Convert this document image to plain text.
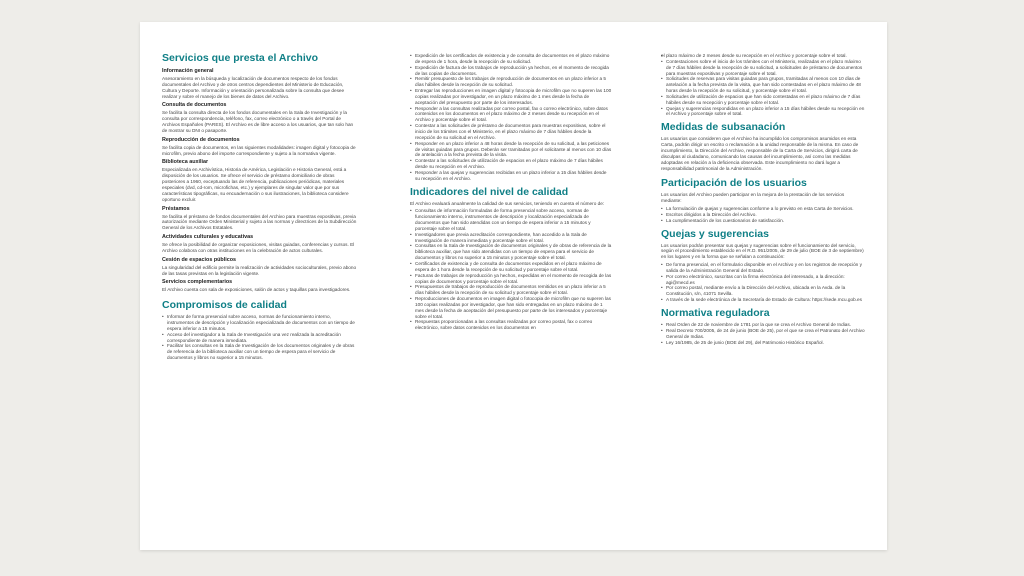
Servicios que presta el Archivo
Información general
Asesoramiento en la búsqueda y localización de documentos respecto de los fondos documentales del Archivo y de otros centros dependientes del Ministerio de Educación, Cultura y Deporte. Información y orientación personalizada sobre la consulta que desee realizar y sobre el manejo de los bienes de datos del Archivo.
Consulta de documentos
Se facilita la consulta directa de los fondos documentales en la Sala de Investigación y la consulta por correspondencia, teléfono, fax, correo electrónico o a través del Portal de Archivos Españoles (PARES). El Archivo es de libre acceso a los usuarios, que tan solo han de mostrar su DNI o pasaporte.
Reproducción de documentos
Se facilita copia de documentos, en las siguientes modalidades: imagen digital y fotocopia de microfilm, previo abono del importe correspondiente y sujeto a la normativa vigente.
Biblioteca auxiliar
Especializada en Archivística, Historia de América, Legislación e Historia General, está a disposición de los usuarios. Se ofrece el servicio de préstamo domiciliario de obras posteriores a 1960, exceptuando las de referencia, publicaciones periódicas, materiales especiales (dvd, cd-rom, microfichas, etc.) y ejemplares de singular valor que por sus características tipográficas, su encuadernación o sus ilustraciones, la biblioteca considere oportuno excluir.
Préstamos
Se facilita el préstamo de fondos documentales del Archivo para muestras expositivas, previa autorización mediante Orden Ministerial y sujeto a las normas y directrices de la Subdirección General de los Archivos Estatales.
Actividades culturales y educativas
Se ofrece la posibilidad de organizar exposiciones, visitas guiadas, conferencias y cursos. El Archivo colabora con otras instituciones en la celebración de actos culturales.
Cesión de espacios públicos
La singularidad del edificio permite la realización de actividades socioculturales, previo abono de las tasas previstas en la legislación vigente.
Servicios complementarios
El Archivo cuenta con sala de exposiciones, salón de actos y taquillas para investigadores.
Compromisos de calidad
• Informar de forma presencial sobre acceso, normas de funcionamiento interno, instrumentos de descripción y localización especializada de documentos con un tiempo de espera inferior a 15 minutos.
• Acceso del investigador a la Sala de Investigación una vez realizada la acreditación correspondiente de manera inmediata.
• Facilitar los consultas en la Sala de Investigación de los documentos originales y de obras de referencia de la biblioteca auxiliar con un tiempo de espera para el servicio de documentos y libros no superior a 15 minutos.
• Expedición de los certificados de existencia y de consulta de documentos en el plazo máximo de espera de 1 hora, desde la recepción de su solicitud.
• Expedición de factura de los trabajos de reproducción ya hechos, en el momento de recogida de las copias de documentos.
• Remitir presupuesto de los trabajos de reproducción de documentos en un plazo inferior a 5 días hábiles desde la recepción de su solicitud.
• Entregar las reproducciones en imagen digital y fotocopia de microfilm que no superen las 100 copias realizadas por investigador, en un plazo máximo de 1 mes desde la fecha de aceptación del presupuesto por parte de los interesados.
• Responder a las consultas realizadas por correo postal, fax o correo electrónico, sobre datos contenidos en los documentos en el plazo máximo de 2 meses desde su recepción en el Archivo y porcentaje sobre el total.
• Contestar a las solicitudes de préstamo de documentos para muestras expositivas, sobre el inicio de los trámites con el Ministerio, en el plazo máximo de 7 días hábiles desde la recepción de su solicitud en el Archivo.
• Responder en un plazo inferior a 48 horas desde la recepción de su solicitud, a las peticiones de visitas guiadas para grupos. Deberán ser tramitadas por el solicitante al menos con 10 días de antelación a la fecha prevista de la visita.
• Contestar a las solicitudes de utilización de espacios en el plazo máximo de 7 días hábiles desde su recepción en el Archivo.
• Responder a las quejas y sugerencias recibidas en un plazo inferior a 15 días hábiles desde su recepción en el Archivo.
Indicadores del nivel de calidad
El Archivo evaluará anualmente la calidad de sus servicios, teniendo en cuenta el número de:
• Consultas de información formuladas de forma presencial sobre acceso, normas de funcionamiento interno, instrumentos de descripción y localización especializada de documentos que han sido atendidas con un tiempo de espera inferior a 15 minutos y porcentaje sobre el total.
• Investigadores que previa acreditación correspondiente, han accedido a la Sala de Investigación de manera inmediata y porcentaje sobre el total.
• Consultas en la Sala de Investigación de documentos originales y de obras de referencia de la biblioteca auxiliar, que han sido atendidas con un tiempo de espera para el servicio de documentos y libros no superior a 15 minutos y porcentaje sobre el total.
• Certificados de existencia y de consulta de documentos expedidos en el plazo máximo de espera de 1 hora desde la recepción de su solicitud y porcentaje sobre el total.
• Facturas de trabajos de reproducción ya hechos, expedidas en el momento de recogida de las copias de documentos y porcentaje sobre el total.
• Presupuestos de trabajos de reproducción de documentos remitidos en un plazo inferior a 5 días hábiles desde la recepción de su solicitud y porcentaje sobre el total.
• Reproducciones de documentos en imagen digital o fotocopia de microfilm que no superen las 100 copias realizadas por investigador, que han sido entregadas en un plazo máximo de 1 mes desde la fecha de aceptación del presupuesto por parte de los interesados y porcentaje sobre el total.
• Respuestas proporcionadas a las consultas realizadas por correo postal, fax o correo electrónico, sobre datos contenidos en los documentos en
• el plazo máximo de 2 meses desde su recepción en el Archivo y porcentaje sobre el total.
• Contestaciones sobre el inicio de los trámites con el Ministerio, realizadas en el plazo máximo de 7 días hábiles desde la recepción de su solicitud, a solicitudes de préstamo de documentos para muestras expositivas y porcentaje sobre el total.
• Solicitudes de reservas para visitas guiadas para grupos, tramitadas al menos con 10 días de antelación a la fecha prevista de la visita, que han sido contestadas en el plazo máximo de 48 horas desde la recepción de su solicitud, y porcentaje sobre el total.
• Solicitudes de utilización de espacios que han sido contestadas en el plazo máximo de 7 días hábiles desde su recepción y porcentaje sobre el total.
• Quejas y sugerencias respondidas en un plazo inferior a 15 días hábiles desde su recepción en el Archivo y porcentaje sobre el total.
Medidas de subsanación
Los usuarios que consideren que el Archivo ha incumplido los compromisos asumidos en esta Carta, podrán dirigir un escrito o reclamación a la unidad responsable de la misma. En caso de incumplimiento, la Dirección del Archivo, responsable de la Carta de Servicios, dirigirá carta de disculpas al ciudadano, comunicando las causas del incumplimiento, así como las medidas adoptadas en relación a la deficiencia observada. Este incumplimiento no dará lugar a responsabilidad patrimonial de la Administración.
Participación de los usuarios
Los usuarios del Archivo pueden participar en la mejora de la prestación de los servicios mediante:
• La formulación de quejas y sugerencias conforme a lo previsto en esta Carta de Servicios.
• Escritos dirigidos a la Dirección del Archivo.
• La cumplimentación de los cuestionarios de satisfacción.
Quejas y sugerencias
Los usuarios podrán presentar sus quejas y sugerencias sobre el funcionamiento del servicio, según el procedimiento establecido en el R.D. 951/2005, de 29 de julio (BOE de 3 de septiembre) en los lugares y en la forma que se señalan a continuación:
• De forma presencial, en el formulario disponible en el Archivo y en los registros de recepción y salida de la Administración General del Estado.
• Por correo electrónico, suscritas con la firma electrónica del interesado, a la dirección: agi@mecd.es
• Por correo postal, mediante envío a la Dirección del Archivo, ubicada en la Avda. de la Constitución, s/n, 41071 Sevilla.
• A través de la sede electrónica de la Secretaría de Estado de Cultura: https://sede.mcu.gob.es
Normativa reguladora
• Real Orden de 22 de noviembre de 1781 por la que se crea el Archivo General de Indias.
• Real Decreto 700/2005, de 24 de junio (BOE de 25), por el que se crea el Patronato del Archivo General de Indias.
• Ley 16/1985, de 25 de junio (BOE del 29), del Patrimonio Histórico Español.
